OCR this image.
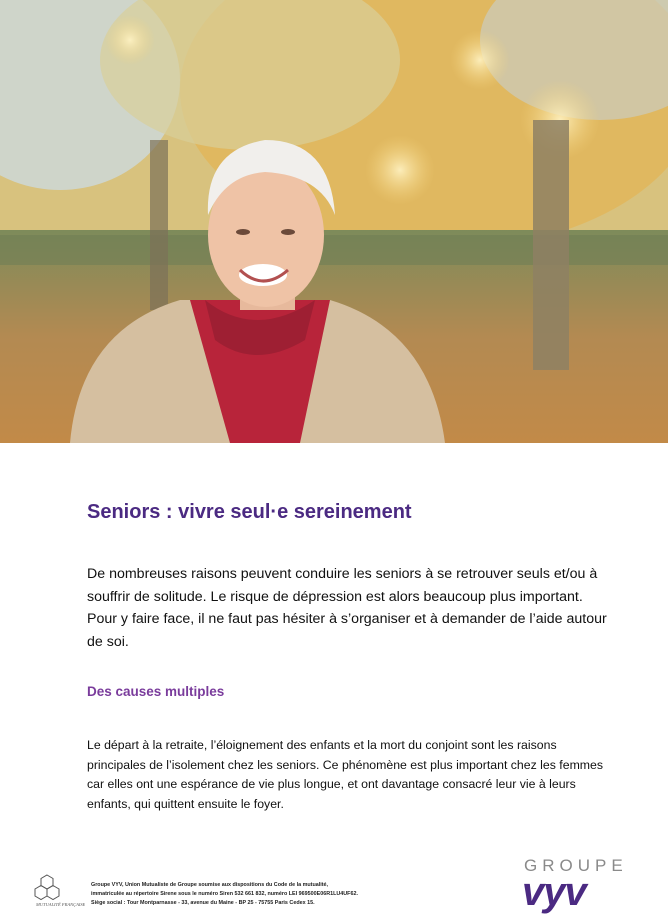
Seniors : vivre seul·e sereinement

De nombreuses raisons peuvent conduire les seniors à se retrouver seuls et/ou à souffrir de solitude. Le risque de dépression est alors beaucoup plus important. Pour y faire face, il ne faut pas hésiter à s’organiser et à demander de l’aide autour de soi.

Des causes multiples

Le départ à la retraite, l’éloignement des enfants et la mort du conjoint sont les raisons principales de l’isolement chez les seniors. Ce phénomène est plus important chez les femmes car elles ont une espérance de vie plus longue, et ont davantage consacré leur vie à leurs enfants, qui quittent ensuite le foyer.

MUTUALITÉ FRANÇAISE
Groupe VYV, Union Mutualiste de Groupe soumise aux dispositions du Code de la mutualité,
immatriculée au répertoire Sirene sous le numéro Siren 532 661 832, numéro LEI 969500E06R1LU4UF62.
Siège social : Tour Montparnasse - 33, avenue du Maine - BP 25 - 75755 Paris Cedex 15.
GROUPE
vyv
